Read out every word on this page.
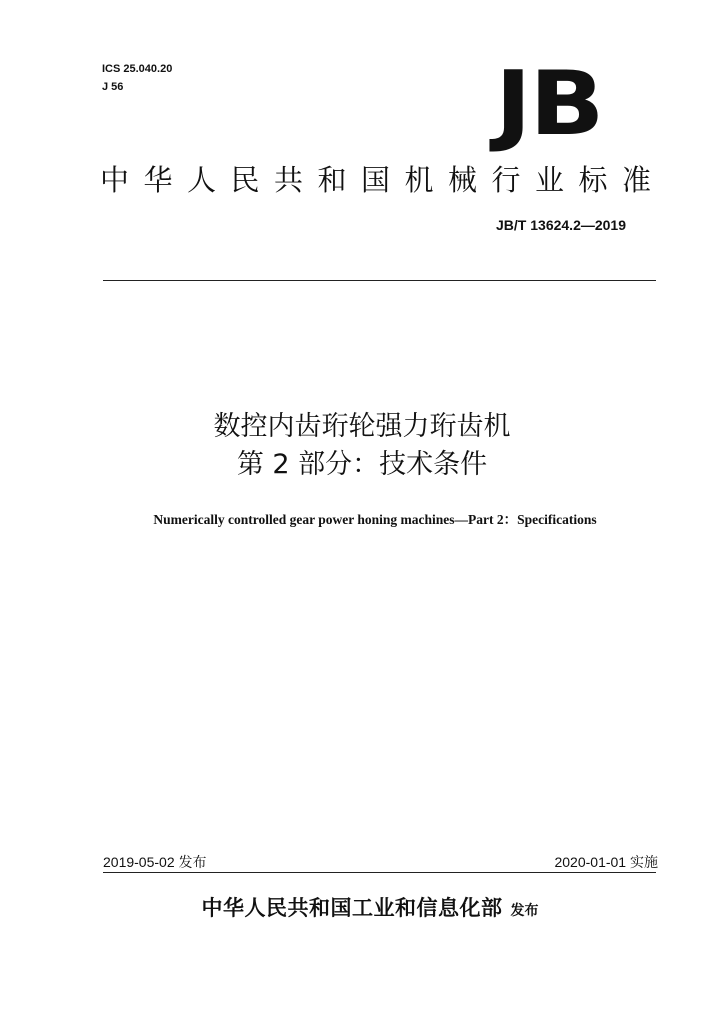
ICS 25.040.20
J 56	JB
中华人民共和国机械行业标准
JB/T 13624.2—2019
数控内齿珩轮强力珩齿机
第 2 部分：技术条件
Numerically controlled gear power honing machines—Part 2：Specifications
2019-05-02 发布	2020-01-01 实施
中华人民共和国工业和信息化部 发布
